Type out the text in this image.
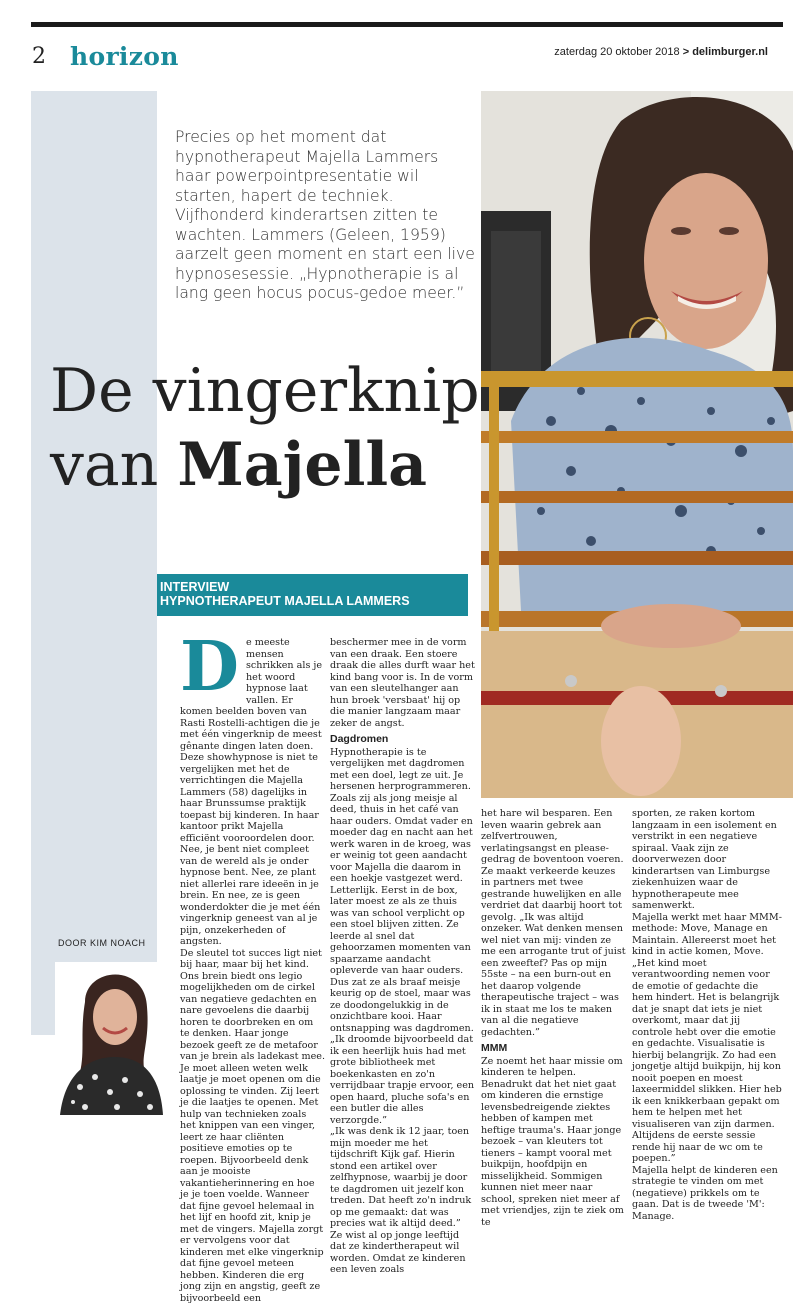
2 horizon	zaterdag 20 oktober 2018 > delimburger.nl
Precies op het moment dat hypnotherapeut Majella Lammers haar powerpointpresentatie wil starten, hapert de techniek. Vijfhonderd kinderartsen zitten te wachten. Lammers (Geleen, 1959) aarzelt geen moment en start een live hypnosesessie. „Hypnotherapie is al lang geen hocus pocus-gedoe meer.”
De vingerknip
van Majella
INTERVIEW
HYPNOTHERAPEUT MAJELLA LAMMERS
DOOR KIM NOACH
D e meeste mensen schrikken als je het woord hypnose laat vallen. Er komen beelden boven van Rasti Rostelli-achtigen die je met één vingerknip de meest gênante dingen laten doen. Deze showhypnose is niet te vergelijken met het de verrichtingen die Majella Lammers (58) dagelijks in haar Brunssumse praktijk toepast bij kinderen. In haar kantoor prikt Majella efficiënt vooroordelen door. Nee, je bent niet compleet van de wereld als je onder hypnose bent. Nee, ze plant niet allerlei rare ideeën in je brein. En nee, ze is geen wonderdokter die je met één vingerknip geneest van al je pijn, onzekerheden of angsten.

De sleutel tot succes ligt niet bij haar, maar bij het kind. Ons brein biedt ons legio mogelijkheden om de cirkel van negatieve gedachten en nare gevoelens die daarbij horen te doorbreken en om te denken. Haar jonge bezoek geeft ze de metafoor van je brein als ladekast mee. Je moet alleen weten welk laatje je moet openen om die oplossing te vinden. Zij leert je die laatjes te openen. Met hulp van technieken zoals het knippen van een vinger, leert ze haar cliënten positieve emoties op te roepen. Bijvoorbeeld denk aan je mooiste vakantieherinnering en hoe je je toen voelde. Wanneer dat fijne gevoel helemaal in het lijf en hoofd zit, knip je met de vingers. Majella zorgt er vervolgens voor dat kinderen met elke vingerknip dat fijne gevoel meteen hebben. Kinderen die erg jong zijn en angstig, geeft ze bijvoorbeeld een

beschermer mee in de vorm van een draak. Een stoere draak die alles durft waar het kind bang voor is. In de vorm van een sleutelhanger aan hun broek 'versbaat' hij op die manier langzaam maar zeker de angst.

Dagdromen

Hypnotherapie is te vergelijken met dagdromen met een doel, legt ze uit. Je hersenen herprogrammeren. Zoals zij als jong meisje al deed, thuis in het café van haar ouders. Omdat vader en moeder dag en nacht aan het werk waren in de kroeg, was er weinig tot geen aandacht voor Majella die daarom in een hoekje vastgezet werd. Letterlijk. Eerst in de box, later moest ze als ze thuis was van school verplicht op een stoel blijven zitten. Ze leerde al snel dat gehoorzamen momenten van spaarzame aandacht opleverde van haar ouders. Dus zat ze als braaf meisje keurig op de stoel, maar was ze doodongelukkig in de onzichtbare kooi. Haar ontsnapping was dagdromen. „Ik droomde bijvoorbeeld dat ik een heerlijk huis had met grote bibliotheek met boekenkasten en zo'n verrijdbaar trapje ervoor, een open haard, pluche sofa's en een butler die alles verzorgde.”

„Ik was denk ik 12 jaar, toen mijn moeder me het tijdschrift Kijk gaf. Hierin stond een artikel over zelfhypnose, waarbij je door te dagdromen uit jezelf kon treden. Dat heeft zo'n indruk op me gemaakt: dat was precies wat ik altijd deed.”

Ze wist al op jonge leeftijd dat ze kindertherapeut wil worden. Omdat ze kinderen een leven zoals

het hare wil besparen. Een leven waarin gebrek aan zelfvertrouwen, verlatingsangst en please-gedrag de boventoon voeren. Ze maakt verkeerde keuzes in partners met twee gestrande huwelijken en alle verdriet dat daarbij hoort tot gevolg. „Ik was altijd onzeker. Wat denken mensen wel niet van mij: vinden ze me een arrogante trut of juist een zweeftef? Pas op mijn 55ste – na een burn-out en het daarop volgende therapeutische traject – was ik in staat me los te maken van al die negatieve gedachten.”

MMM

Ze noemt het haar missie om kinderen te helpen. Benadrukt dat het niet gaat om kinderen die ernstige levensbedreigende ziektes hebben of kampen met heftige trauma's. Haar jonge bezoek – van kleuters tot tieners – kampt vooral met buikpijn, hoofdpijn en misselijkheid. Sommigen kunnen niet meer naar school, spreken niet meer af met vriendjes, zijn te ziek om te

sporten, ze raken kortom langzaam in een isolement en verstrikt in een negatieve spiraal. Vaak zijn ze doorverwezen door kinderartsen van Limburgse ziekenhuizen waar de hypnotherapeute mee samenwerkt.

Majella werkt met haar MMM-methode: Move, Manage en Maintain. Allereerst moet het kind in actie komen, Move. „Het kind moet verantwoording nemen voor de emotie of gedachte die hem hindert. Het is belangrijk dat je snapt dat iets je niet overkomt, maar dat jij controle hebt over die emotie en gedachte. Visualisatie is hierbij belangrijk. Zo had een jongetje altijd buikpijn, hij kon nooit poepen en moest laxeermiddel slikken. Hier heb ik een knikkerbaan gepakt om hem te helpen met het visualiseren van zijn darmen. Altijdens de eerste sessie rende hij naar de wc om te poepen.”

Majella helpt de kinderen een strategie te vinden om met (negatieve) prikkels om te gaan. Dat is de tweede 'M': Manage.
